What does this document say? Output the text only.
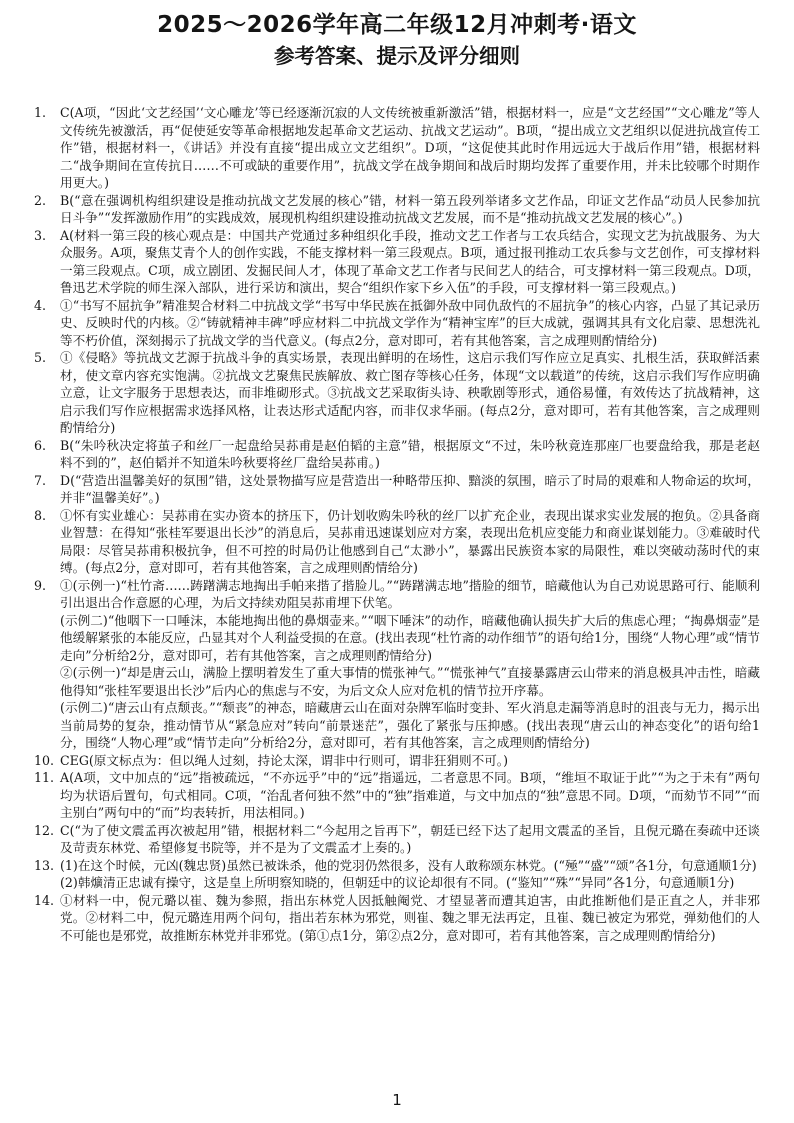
2025～2026学年高二年级12月冲刺考·语文
参考答案、提示及评分细则
1.	C(A项，“因此‘文艺经国’‘文心雕龙’等已经逐渐沉寂的人文传统被重新激活”错，根据材料一，应是“文艺经国”“文心雕龙”等人文传统先被激活，再“促使延安等革命根据地发起革命文艺运动、抗战文艺运动”。B项，“提出成立文艺组织以促进抗战宣传工作”错，根据材料一，《讲话》并没有直接“提出成立文艺组织”。D项，“这促使其此时作用远远大于战后作用”错，根据材料二“战争期间在宣传抗日……不可或缺的重要作用”，抗战文学在战争期间和战后时期均发挥了重要作用，并未比较哪个时期作用更大。)

2.	B(“意在强调机构组织建设是推动抗战文艺发展的核心”错，材料一第五段列举诸多文艺作品，印证文艺作品“动员人民参加抗日斗争”“发挥激励作用”的实践成效，展现机构组织建设推动抗战文艺发展，而不是“推动抗战文艺发展的核心”。)

3.	A(材料一第三段的核心观点是：中国共产党通过多种组织化手段，推动文艺工作者与工农兵结合，实现文艺为抗战服务、为大众服务。A项，聚焦艾青个人的创作实践，不能支撑材料一第三段观点。B项，通过报刊推动工农兵参与文艺创作，可支撑材料一第三段观点。C项，成立剧团、发掘民间人才，体现了革命文艺工作者与民间艺人的结合，可支撑材料一第三段观点。D项，鲁迅艺术学院的师生深入部队，进行采访和演出，契合“组织作家下乡入伍”的手段，可支撑材料一第三段观点。)

4.	①“书写不屈抗争”精准契合材料二中抗战文学“书写中华民族在抵御外敌中同仇敌忾的不屈抗争”的核心内容，凸显了其记录历史、反映时代的内核。②“铸就精神丰碑”呼应材料二中抗战文学作为“精神宝库”的巨大成就，强调其具有文化启蒙、思想洗礼等不朽价值，深刻揭示了抗战文学的当代意义。(每点2分，意对即可，若有其他答案，言之成理则酌情给分)

5.	①《侵略》等抗战文艺源于抗战斗争的真实场景，表现出鲜明的在场性，这启示我们写作应立足真实、扎根生活，获取鲜活素材，使文章内容充实饱满。②抗战文艺聚焦民族解放、救亡图存等核心任务，体现“文以载道”的传统，这启示我们写作应明确立意，让文字服务于思想表达，而非堆砌形式。③抗战文艺采取街头诗、秧歌剧等形式，通俗易懂，有效传达了抗战精神，这启示我们写作应根据需求选择风格，让表达形式适配内容，而非仅求华丽。(每点2分，意对即可，若有其他答案，言之成理则酌情给分)

6.	B(“朱吟秋决定将茧子和丝厂一起盘给吴荪甫是赵伯韬的主意”错，根据原文“不过，朱吟秋竟连那座厂也要盘给我，那是老赵料不到的”，赵伯韬并不知道朱吟秋要将丝厂盘给吴荪甫。)

7.	D(“营造出温馨美好的氛围”错，这处景物描写应是营造出一种略带压抑、黯淡的氛围，暗示了时局的艰难和人物命运的坎坷，并非“温馨美好”。)

8.	①怀有实业雄心：吴荪甫在实办资本的挤压下，仍计划收购朱吟秋的丝厂以扩充企业，表现出谋求实业发展的抱负。②具备商业智慧：在得知“张桂军要退出长沙”的消息后，吴荪甫迅速谋划应对方案，表现出危机应变能力和商业谋划能力。③难破时代局限：尽管吴荪甫积极抗争，但不可控的时局仍让他感到自己“太渺小”，暴露出民族资本家的局限性，难以突破动荡时代的束缚。(每点2分，意对即可，若有其他答案，言之成理则酌情给分)

9.	①(示例一)“杜竹斋……踌躇满志地掏出手帕来揩了揩脸儿。”“踌躇满志地”揩脸的细节，暗藏他认为自己劝说思路可行、能顺利引出退出合作意愿的心理，为后文持续劝阻吴荪甫埋下伏笔。

(示例二)“他咽下一口唾沫，本能地掏出他的鼻烟壶来。”“咽下唾沫”的动作，暗藏他确认损失扩大后的焦虑心理；“掏鼻烟壶”是他缓解紧张的本能反应，凸显其对个人利益受损的在意。(找出表现“杜竹斋的动作细节”的语句给1分，围绕“人物心理”或“情节走向”分析给2分，意对即可，若有其他答案，言之成理则酌情给分)

②(示例一)“却是唐云山，满脸上摆明着发生了重大事情的慌张神气。”“慌张神气”直接暴露唐云山带来的消息极具冲击性，暗藏他得知“张桂军要退出长沙”后内心的焦虑与不安，为后文众人应对危机的情节拉开序幕。

(示例二)“唐云山有点颓丧。”“颓丧”的神态，暗藏唐云山在面对杂牌军临时变卦、军火消息走漏等消息时的沮丧与无力，揭示出当前局势的复杂，推动情节从“紧急应对”转向“前景迷茫”，强化了紧张与压抑感。(找出表现“唐云山的神态变化”的语句给1分，围绕“人物心理”或“情节走向”分析给2分，意对即可，若有其他答案，言之成理则酌情给分)

10. CEG(原文标点为：但以绳人过刻，持论太深，谓非中行则可，谓非狂狷则不可。)

11. A(A项，文中加点的“远”指被疏远，“不亦远乎”中的“远”指遥远，二者意思不同。B项，“维垣不取证于此”“为之于未有”两句均为状语后置句，句式相同。C项，“治乱者何独不然”中的“独”指难道，与文中加点的“独”意思不同。D项，“而劾节不同”“而主别白”两句中的“而”均表转折，用法相同。)

12. C(“为了使文震孟再次被起用”错，根据材料二“今起用之旨再下”，朝廷已经下达了起用文震孟的圣旨，且倪元璐在奏疏中还谈及苛责东林党、希望修复书院等，并不是为了文震孟才上奏的。)

13. (1)在这个时候，元凶(魏忠贤)虽然已被诛杀，他的党羽仍然很多，没有人敢称颂东林党。(“殛”“盛”“颂”各1分，句意通顺1分)

(2)韩爌清正忠诚有操守，这是皇上所明察知晓的，但朝廷中的议论却很有不同。(“鉴知”“殊”“异同”各1分，句意通顺1分)

14. ①材料一中，倪元璐以崔、魏为参照，指出东林党人因抵触阉党、才望显著而遭其迫害，由此推断他们是正直之人，并非邪党。②材料二中，倪元璐连用两个问句，指出若东林为邪党，则崔、魏之罪无法再定，且崔、魏已被定为邪党，弹劾他们的人不可能也是邪党，故推断东林党并非邪党。(第①点1分，第②点2分，意对即可，若有其他答案，言之成理则酌情给分)

1
